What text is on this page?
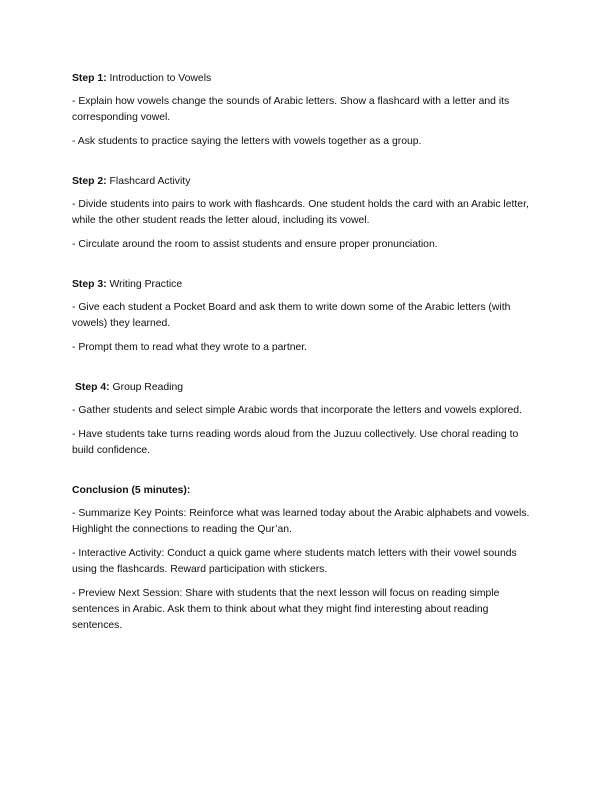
Step 1: Introduction to Vowels

- Explain how vowels change the sounds of Arabic letters. Show a flashcard with a letter and its corresponding vowel.

- Ask students to practice saying the letters with vowels together as a group.

Step 2: Flashcard Activity

- Divide students into pairs to work with flashcards. One student holds the card with an Arabic letter, while the other student reads the letter aloud, including its vowel.

- Circulate around the room to assist students and ensure proper pronunciation.

Step 3: Writing Practice

- Give each student a Pocket Board and ask them to write down some of the Arabic letters (with vowels) they learned.

- Prompt them to read what they wrote to a partner.

Step 4: Group Reading

- Gather students and select simple Arabic words that incorporate the letters and vowels explored.

- Have students take turns reading words aloud from the Juzuu collectively. Use choral reading to build confidence.

Conclusion (5 minutes):

- Summarize Key Points: Reinforce what was learned today about the Arabic alphabets and vowels. Highlight the connections to reading the Qur’an.

- Interactive Activity: Conduct a quick game where students match letters with their vowel sounds using the flashcards. Reward participation with stickers.

- Preview Next Session: Share with students that the next lesson will focus on reading simple sentences in Arabic. Ask them to think about what they might find interesting about reading sentences.
